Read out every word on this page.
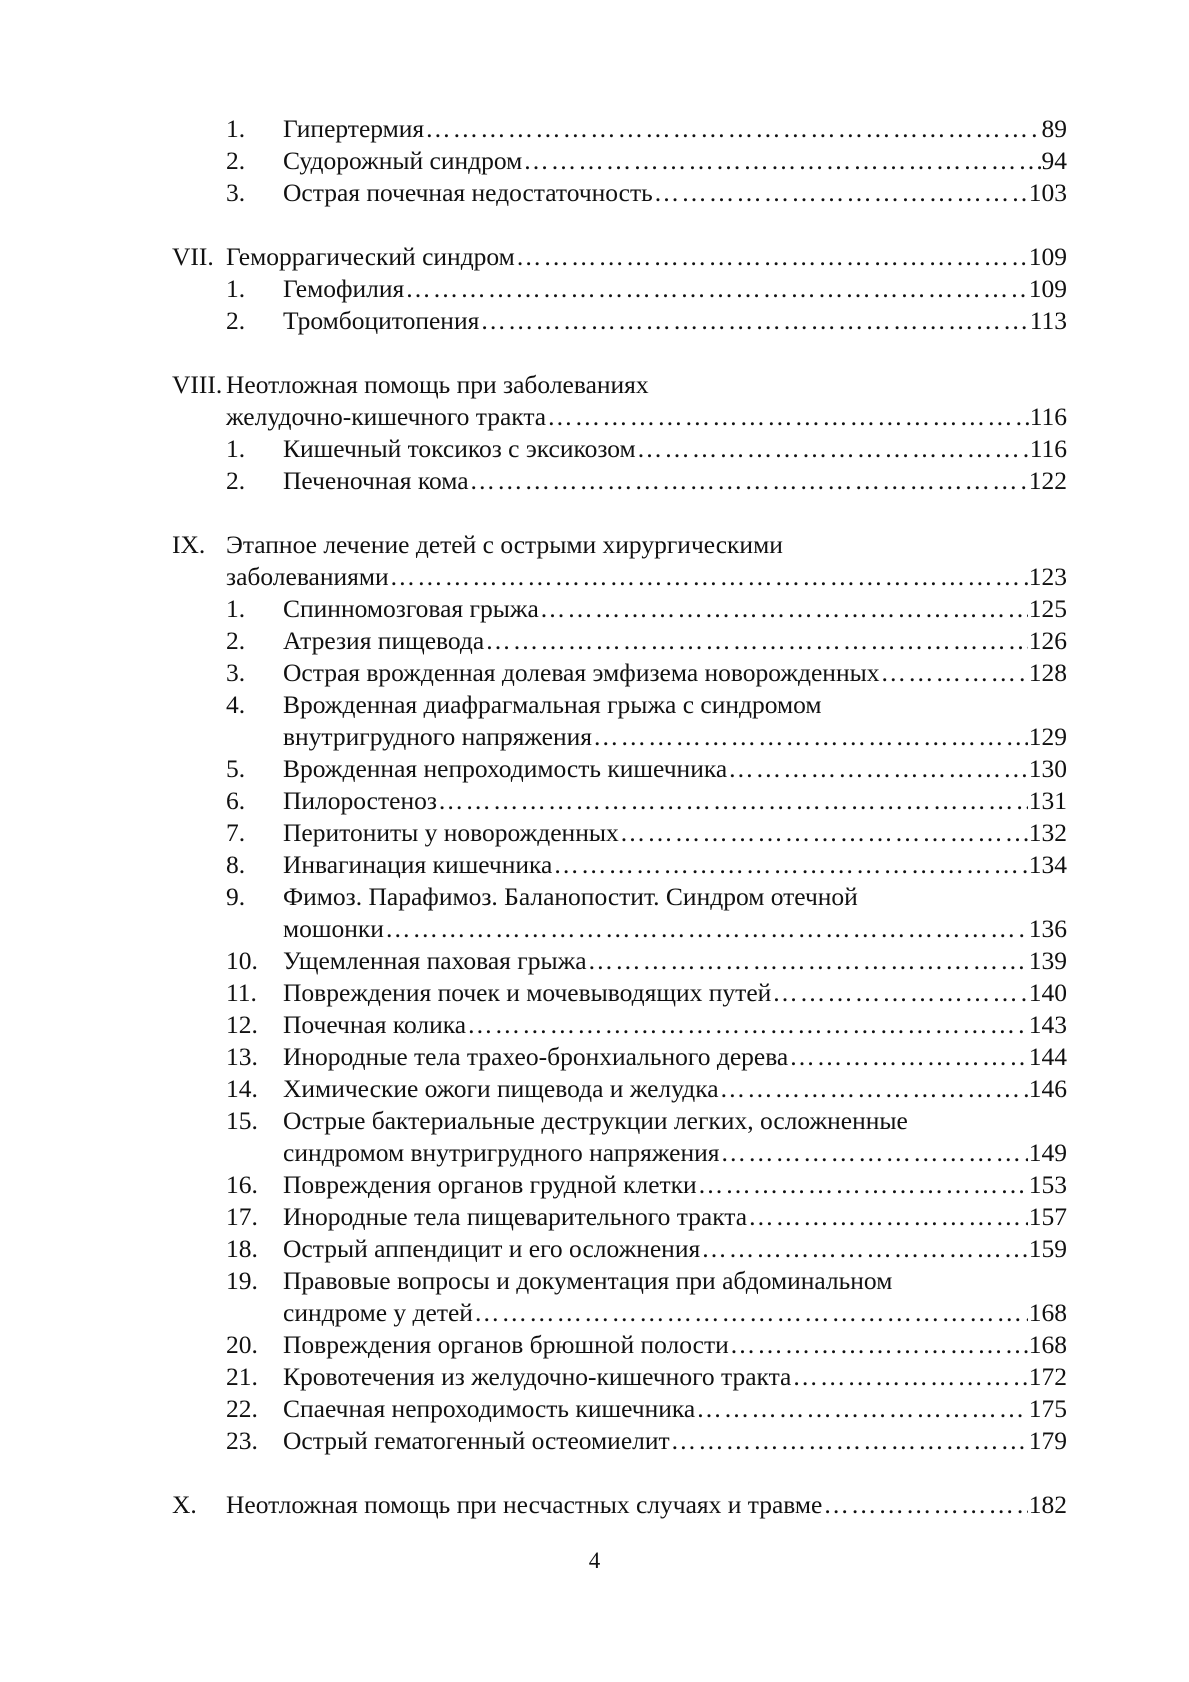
1. Гипертермия …………………………………………………………………………………………………………………………………………………………	89
2. Судорожный синдром …………………………………………………………………………………………………………………………………………………………	94
3. Острая почечная недостаточность …………………………………………………………………………………………………………………………………………………………	103
VII. Геморрагический синдром …………………………………………………………………………………………………………………………………………………………	109
1. Гемофилия …………………………………………………………………………………………………………………………………………………………	109
2. Тромбоцитопения …………………………………………………………………………………………………………………………………………………………	113
VIII. Неотложная помощь при заболеваниях
желудочно-кишечного тракта …………………………………………………………………………………………………………………………………………………………	116
1. Кишечный токсикоз с эксикозом …………………………………………………………………………………………………………………………………………………………	116
2. Печеночная кома …………………………………………………………………………………………………………………………………………………………	122
IX. Этапное лечение детей с острыми хирургическими
заболеваниями …………………………………………………………………………………………………………………………………………………………	123
1. Спинномозговая грыжа …………………………………………………………………………………………………………………………………………………………	125
2. Атрезия пищевода …………………………………………………………………………………………………………………………………………………………	126
3. Острая врожденная долевая эмфизема новорожденных …………………………………………………………………………………………………………………………………………………………	128
4. Врожденная диафрагмальная грыжа с синдромом
внутригрудного напряжения …………………………………………………………………………………………………………………………………………………………	129
5. Врожденная непроходимость кишечника …………………………………………………………………………………………………………………………………………………………	130
6. Пилоростеноз …………………………………………………………………………………………………………………………………………………………	131
7. Перитониты у новорожденных …………………………………………………………………………………………………………………………………………………………	132
8. Инвагинация кишечника …………………………………………………………………………………………………………………………………………………………	134
9. Фимоз. Парафимоз. Баланопостит. Синдром отечной
мошонки …………………………………………………………………………………………………………………………………………………………	136
10. Ущемленная паховая грыжа …………………………………………………………………………………………………………………………………………………………	139
11. Повреждения почек и мочевыводящих путей …………………………………………………………………………………………………………………………………………………………	140
12. Почечная колика …………………………………………………………………………………………………………………………………………………………	143
13. Инородные тела трахео-бронхиального дерева …………………………………………………………………………………………………………………………………………………………	144
14. Химические ожоги пищевода и желудка …………………………………………………………………………………………………………………………………………………………	146
15. Острые бактериальные деструкции легких, осложненные
синдромом внутригрудного напряжения …………………………………………………………………………………………………………………………………………………………	149
16. Повреждения органов грудной клетки …………………………………………………………………………………………………………………………………………………………	153
17. Инородные тела пищеварительного тракта …………………………………………………………………………………………………………………………………………………………	157
18. Острый аппендицит и его осложнения …………………………………………………………………………………………………………………………………………………………	159
19. Правовые вопросы и документация при абдоминальном
синдроме у детей …………………………………………………………………………………………………………………………………………………………	168
20. Повреждения органов брюшной полости …………………………………………………………………………………………………………………………………………………………	168
21. Кровотечения из желудочно-кишечного тракта …………………………………………………………………………………………………………………………………………………………	172
22. Спаечная непроходимость кишечника …………………………………………………………………………………………………………………………………………………………	175
23. Острый гематогенный остеомиелит …………………………………………………………………………………………………………………………………………………………	179
X. Неотложная помощь при несчастных случаях и травме …………………………………………………………………………………………………………………………………………………………	182
4
